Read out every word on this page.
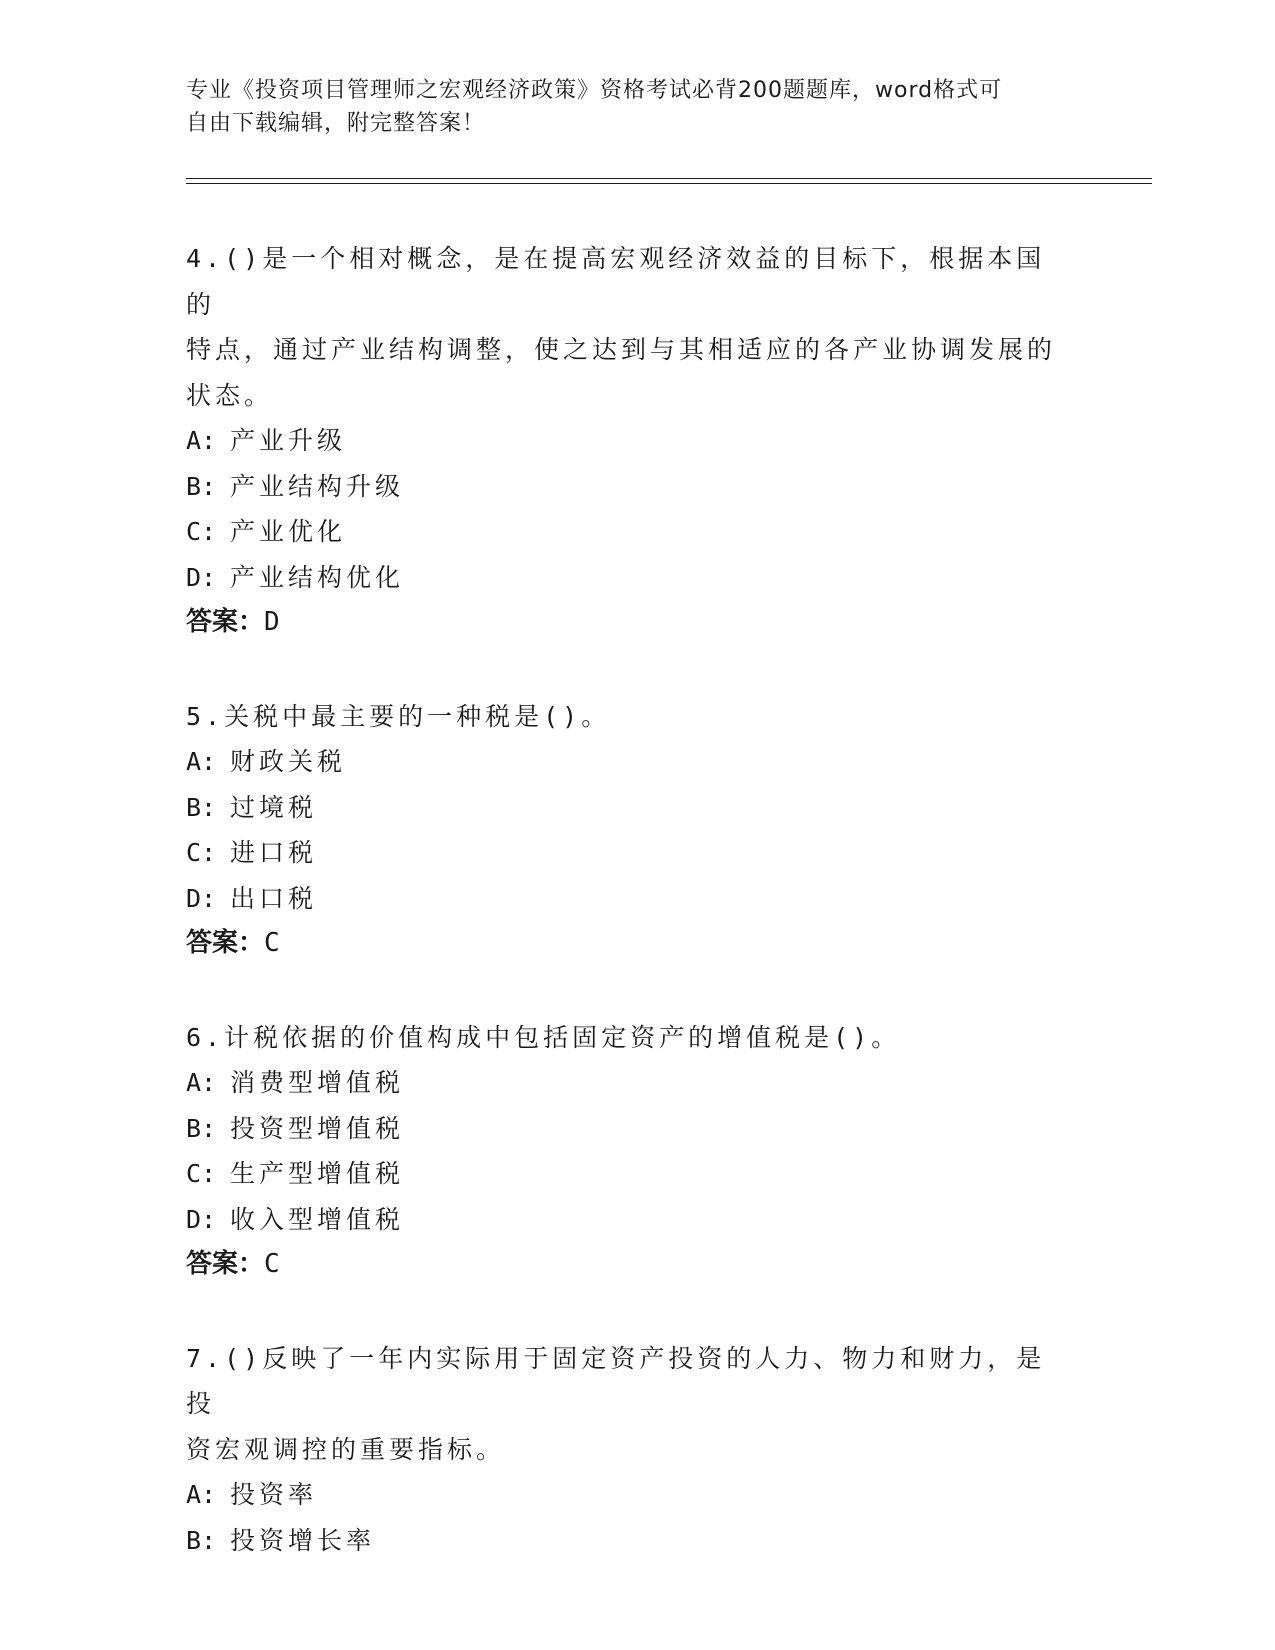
专业《投资项目管理师之宏观经济政策》资格考试必背200题题库，word格式可
自由下载编辑，附完整答案！

4.()是一个相对概念，是在提高宏观经济效益的目标下，根据本国的

特点，通过产业结构调整，使之达到与其相适应的各产业协调发展的

状态。

A: 产业升级

B: 产业结构升级

C: 产业优化

D: 产业结构优化

答案：D

5.关税中最主要的一种税是()。

A: 财政关税

B: 过境税

C: 进口税

D: 出口税

答案：C

6.计税依据的价值构成中包括固定资产的增值税是()。

A: 消费型增值税

B: 投资型增值税

C: 生产型增值税

D: 收入型增值税

答案：C

7.()反映了一年内实际用于固定资产投资的人力、物力和财力，是投

资宏观调控的重要指标。

A: 投资率

B: 投资增长率
